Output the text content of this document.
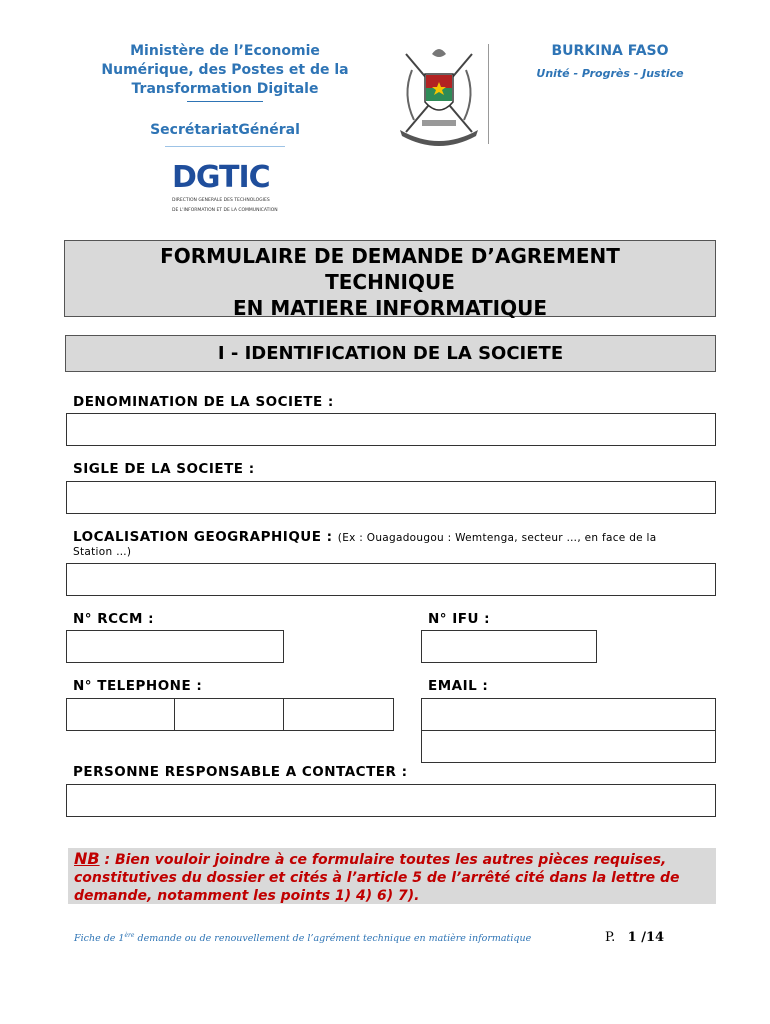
Ministère de l’Economie
Numérique, des Postes et de la
Transformation Digitale
SecrétariatGénéral
BURKINA FASO
Unité - Progrès - Justice
DGTIC
DIRECTION GENERALE DES TECHNOLOGIES
DE L'INFORMATION ET DE LA COMMUNICATION
FORMULAIRE DE DEMANDE D’AGREMENT
TECHNIQUE
EN MATIERE INFORMATIQUE
I - IDENTIFICATION DE LA SOCIETE
DENOMINATION DE LA SOCIETE :
SIGLE DE LA SOCIETE :
LOCALISATION GEOGRAPHIQUE : (Ex : Ouagadougou : Wemtenga, secteur …, en face de la
Station …)
N° RCCM :	N° IFU :
N° TELEPHONE :	EMAIL :
PERSONNE RESPONSABLE A CONTACTER :
NB : Bien vouloir joindre à ce formulaire toutes les autres pièces requises, constitutives du dossier et cités à l’article 5 de l’arrêté cité dans la lettre de demande, notamment les points 1) 4) 6) 7).
Fiche de 1ère demande ou de renouvellement de l’agrément technique en matière informatique	P. 1 /14
